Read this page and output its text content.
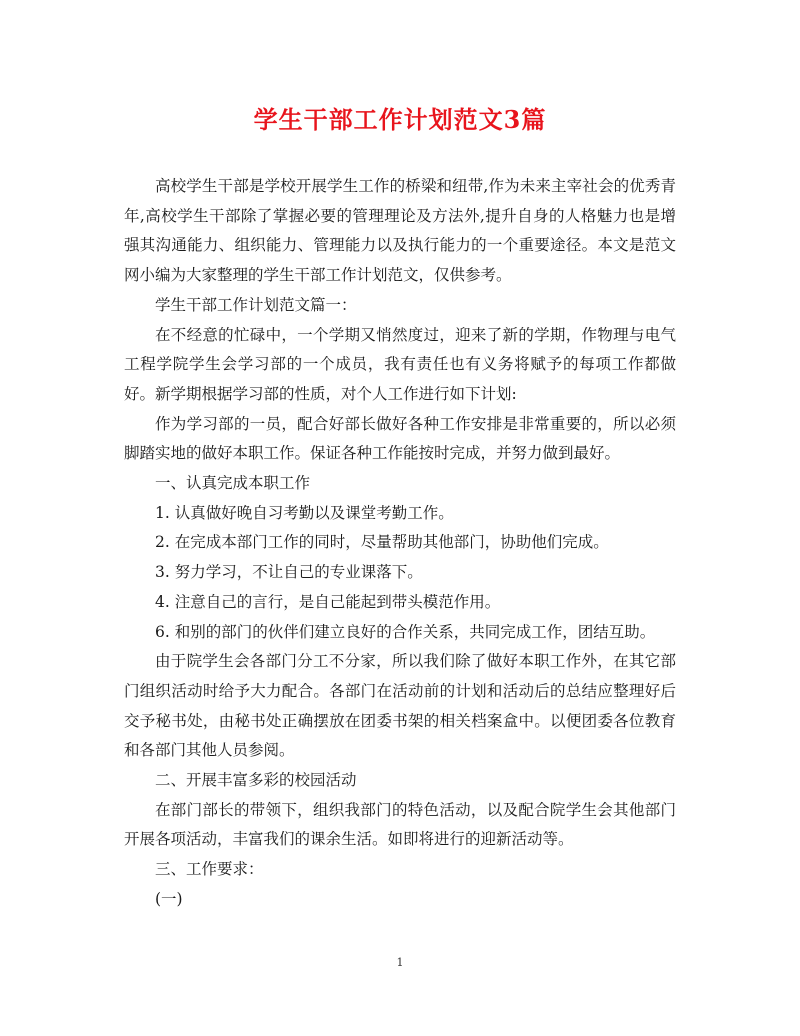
学生干部工作计划范文3篇

高校学生干部是学校开展学生工作的桥梁和纽带,作为未来主宰社会的优秀青年,高校学生干部除了掌握必要的管理理论及方法外,提升自身的人格魅力也是增强其沟通能力、组织能力、管理能力以及执行能力的一个重要途径。本文是范文网小编为大家整理的学生干部工作计划范文，仅供参考。

学生干部工作计划范文篇一：

在不经意的忙碌中，一个学期又悄然度过，迎来了新的学期，作物理与电气工程学院学生会学习部的一个成员，我有责任也有义务将赋予的每项工作都做好。新学期根据学习部的性质，对个人工作进行如下计划:

作为学习部的一员，配合好部长做好各种工作安排是非常重要的，所以必须脚踏实地的做好本职工作。保证各种工作能按时完成，并努力做到最好。

一、认真完成本职工作

1. 认真做好晚自习考勤以及课堂考勤工作。

2. 在完成本部门工作的同时，尽量帮助其他部门，协助他们完成。

3. 努力学习，不让自己的专业课落下。

4. 注意自己的言行，是自己能起到带头模范作用。

6. 和别的部门的伙伴们建立良好的合作关系，共同完成工作，团结互助。

由于院学生会各部门分工不分家，所以我们除了做好本职工作外，在其它部门组织活动时给予大力配合。各部门在活动前的计划和活动后的总结应整理好后交予秘书处，由秘书处正确摆放在团委书架的相关档案盒中。以便团委各位教育和各部门其他人员参阅。

二、开展丰富多彩的校园活动

在部门部长的带领下，组织我部门的特色活动，以及配合院学生会其他部门开展各项活动，丰富我们的课余生活。如即将进行的迎新活动等。

三、工作要求：

(一)

1
